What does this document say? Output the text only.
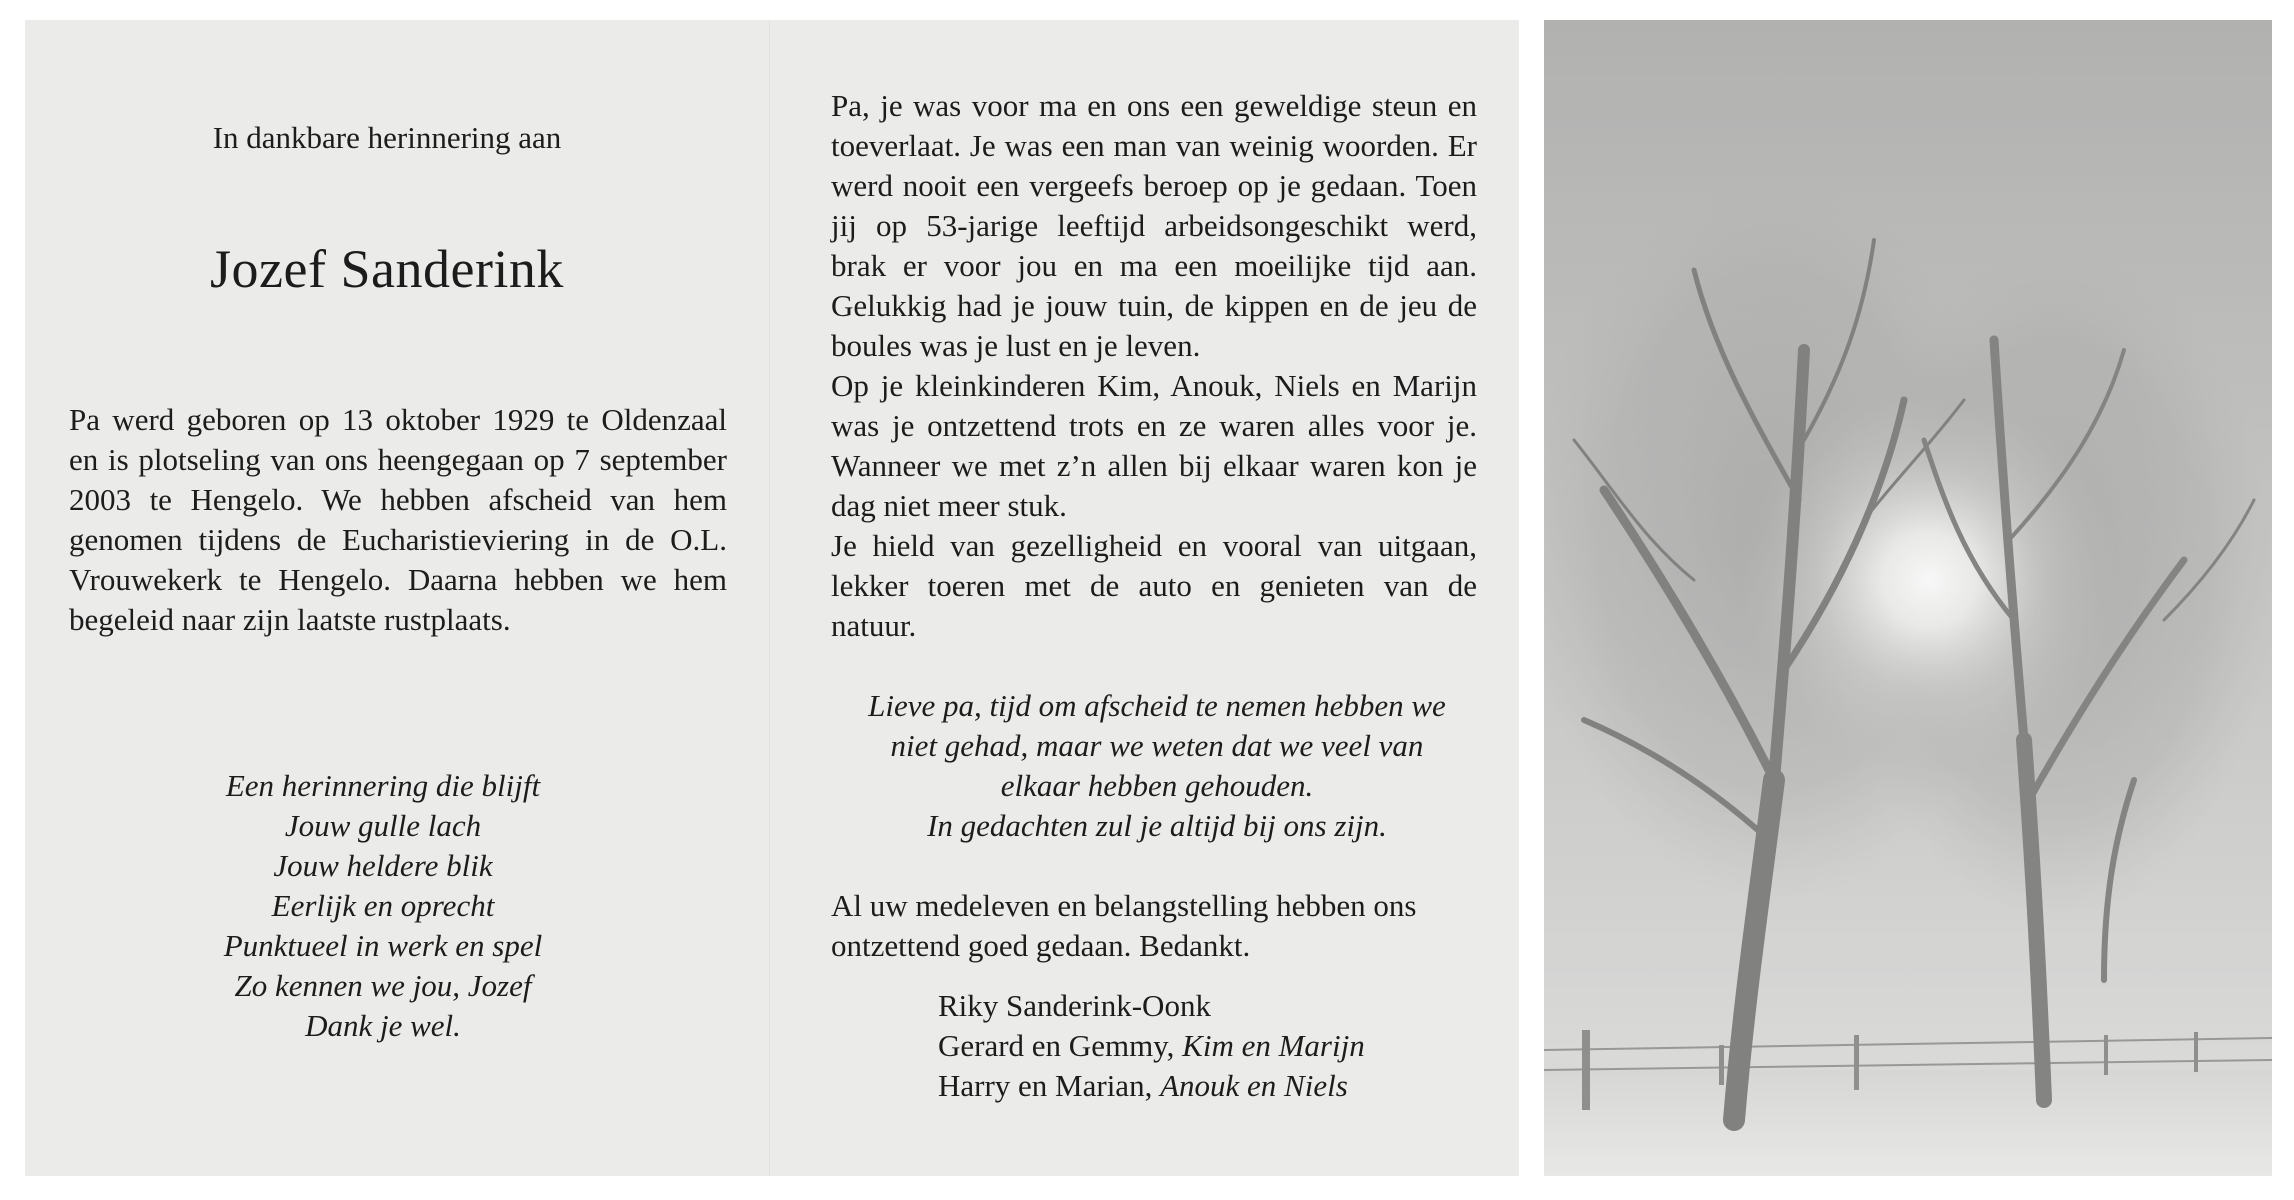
In dankbare herinnering aan

Jozef Sanderink

Pa werd geboren op 13 oktober 1929 te Oldenzaal en is plotseling van ons heengegaan op 7 september 2003 te Hengelo. We hebben afscheid van hem genomen tijdens de Eucharistieviering in de O.L. Vrouwekerk te Hengelo. Daarna hebben we hem begeleid naar zijn laatste rustplaats.

Een herinnering die blijft
Jouw gulle lach
Jouw heldere blik
Eerlijk en oprecht
Punktueel in werk en spel
Zo kennen we jou, Jozef
Dank je wel.

Pa, je was voor ma en ons een geweldige steun en toeverlaat. Je was een man van weinig woorden. Er werd nooit een vergeefs beroep op je gedaan. Toen jij op 53-jarige leeftijd arbeidsongeschikt werd, brak er voor jou en ma een moeilijke tijd aan. Gelukkig had je jouw tuin, de kippen en de jeu de boules was je lust en je leven.

Op je kleinkinderen Kim, Anouk, Niels en Marijn was je ontzettend trots en ze waren alles voor je. Wanneer we met z’n allen bij elkaar waren kon je dag niet meer stuk.

Je hield van gezelligheid en vooral van uitgaan, lekker toeren met de auto en genieten van de natuur.

Lieve pa, tijd om afscheid te nemen hebben we
niet gehad, maar we weten dat we veel van
elkaar hebben gehouden.
In gedachten zul je altijd bij ons zijn.

Al uw medeleven en belangstelling hebben ons ontzettend goed gedaan. Bedankt.

Riky Sanderink-Oonk
Gerard en Gemmy, Kim en Marijn
Harry en Marian, Anouk en Niels
